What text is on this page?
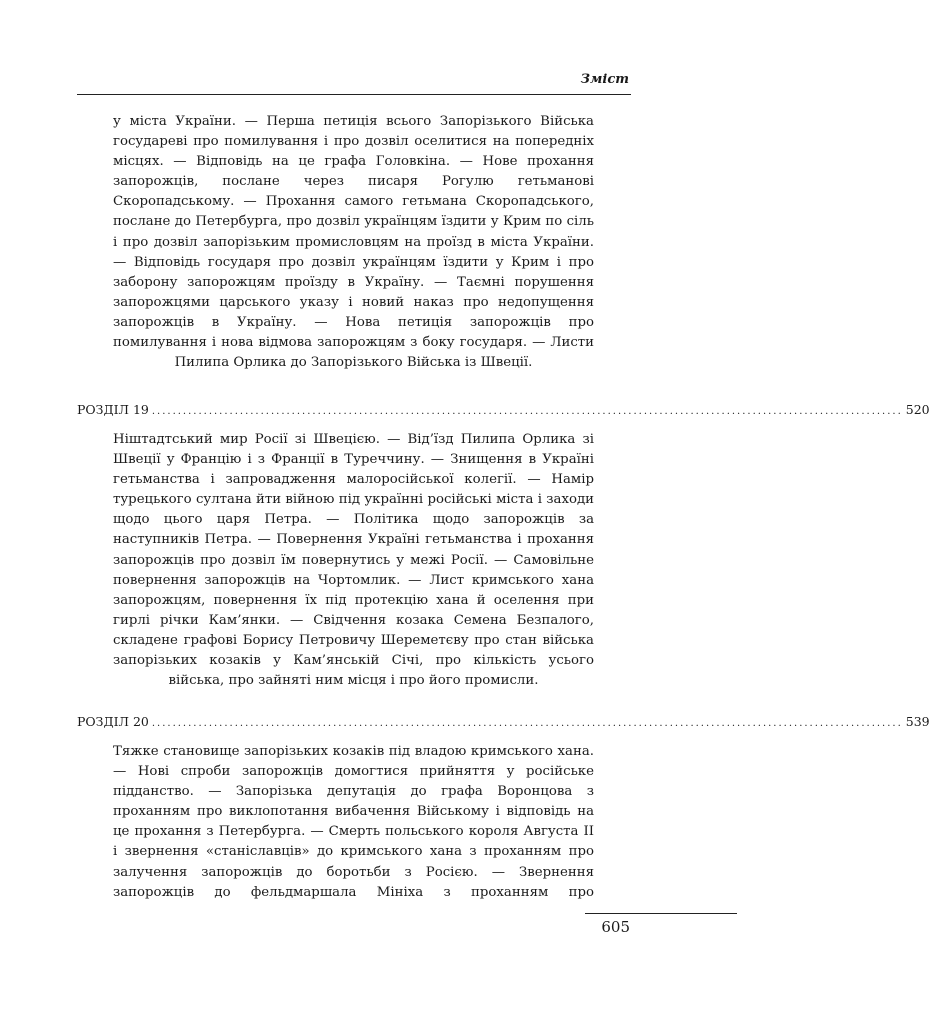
Зміст

у міста України. — Перша петиція всього Запорізького Війська государеві про помилування і про дозвіл оселитися на попередніх місцях. — Відповідь на це графа Головкіна. — Нове прохання запорожців, послане через писаря Рогулю гетьманові Скоропадському. — Прохання самого гетьмана Скоропадського, послане до Петербурга, про дозвіл українцям їздити у Крим по сіль і про дозвіл запорізьким промисловцям на проїзд в міста України. — Відповідь государя про дозвіл українцям їздити у Крим і про заборону запорожцям проїзду в Україну. — Таємні порушення запорожцями царського указу і новий наказ про недопущення запорожців в Україну. — Нова петиція запорожців про помилування і нова відмова запорожцям з боку государя. — Листи Пилипа Орлика до Запорізького Війська із Швеції.

РОЗДІЛ 19 ................................................................................................................................................. 520

Ніштадтський мир Росії зі Швецією. — Від’їзд Пилипа Орлика зі Швеції у Францію і з Франції в Туреччину. — Знищення в Україні гетьманства і запровадження малоросійської колегії. — Намір турецького султана йти війною під українні російські міста і заходи щодо цього царя Петра. — Політика щодо запорожців за наступників Петра. — Повернення Україні гетьманства і прохання запорожців про дозвіл їм повернутись у межі Росії. — Самовільне повернення запорожців на Чортомлик. — Лист кримського хана запорожцям, повернення їх під протекцію хана й оселення при гирлі річки Кам’янки. — Свідчення козака Семена Безпалого, складене графові Борису Петровичу Шереметєву про стан війська запорізьких козаків у Кам’янській Січі, про кількість усього війська, про зайняті ним місця і про його промисли.

РОЗДІЛ 20 ................................................................................................................................................. 539

Тяжке становище запорізьких козаків під владою кримського хана. — Нові спроби запорожців домогтися прийняття у російське підданство. — Запорізька депутація до графа Воронцова з проханням про виклопотання вибачення Війському і відповідь на це прохання з Петербурга. — Смерть польського короля Августа II і звернення «станіславців» до кримського хана з проханням про залучення запорожців до боротьби з Росією. — Звернення запорожців до фельдмаршала Мініха з проханням про

605
